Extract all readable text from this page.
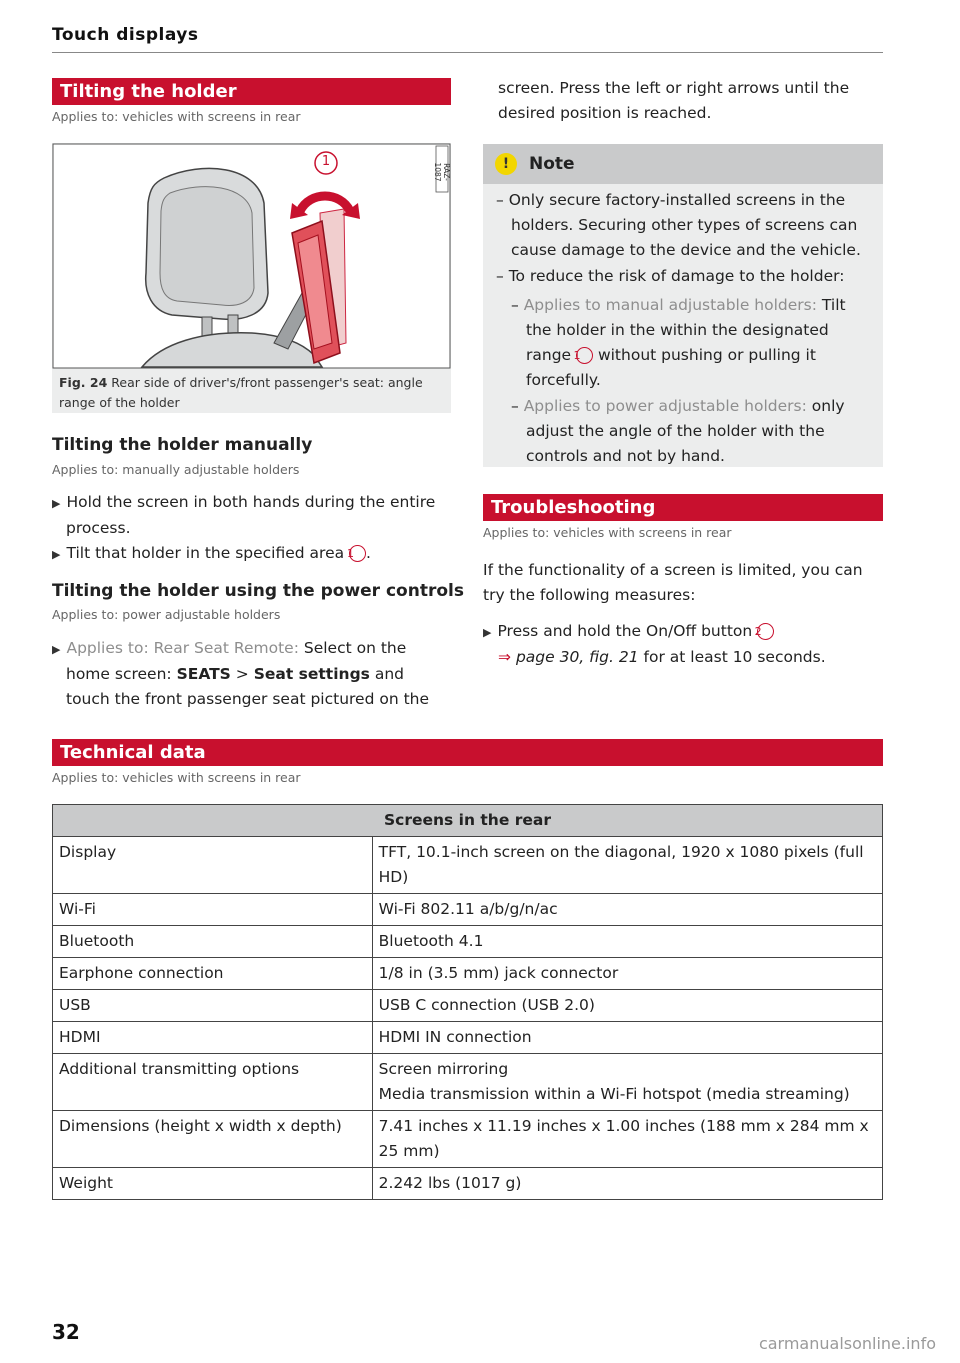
Touch displays
Tilting the holder
Applies to: vehicles with screens in rear
1
RAZ-1087
Fig. 24 Rear side of driver's/front passenger's seat: angle range of the holder
Tilting the holder manually
Applies to: manually adjustable holders
▶ Hold the screen in both hands during the entire process.
▶ Tilt that holder in the specified area 1 .
Tilting the holder using the power controls
Applies to: power adjustable holders
▶ Applies to: Rear Seat Remote: Select on the home screen: SEATS > Seat settings and touch the front passenger seat pictured on the
screen. Press the left or right arrows until the desired position is reached.
!	Note
– Only secure factory-installed screens in the holders. Securing other types of screens can cause damage to the device and the vehicle.
– To reduce the risk of damage to the holder:
– Applies to manual adjustable holders: Tilt the holder in the within the designated range 1 without pushing or pulling it forcefully.
– Applies to power adjustable holders: only adjust the angle of the holder with the controls and not by hand.
Troubleshooting
Applies to: vehicles with screens in rear
If the functionality of a screen is limited, you can try the following measures:
▶ Press and hold the On/Off button 2
⇒ page 30, fig. 21 for at least 10 seconds.
Technical data
Applies to: vehicles with screens in rear
Screens in the rear	
Display	TFT, 10.1-inch screen on the diagonal, 1920 x 1080 pixels (full HD)
Wi-Fi	Wi-Fi 802.11 a/b/g/n/ac
Bluetooth	Bluetooth 4.1
Earphone connection	1/8 in (3.5 mm) jack connector
USB	USB C connection (USB 2.0)
HDMI	HDMI IN connection
Additional transmitting options	Screen mirroring
Media transmission within a Wi-Fi hotspot (media streaming)

Dimensions (height x width x depth)	7.41 inches x 11.19 inches x 1.00 inches (188 mm x 284 mm x 25 mm)
Weight	2.242 lbs (1017 g)
32	carmanualsonline.info
